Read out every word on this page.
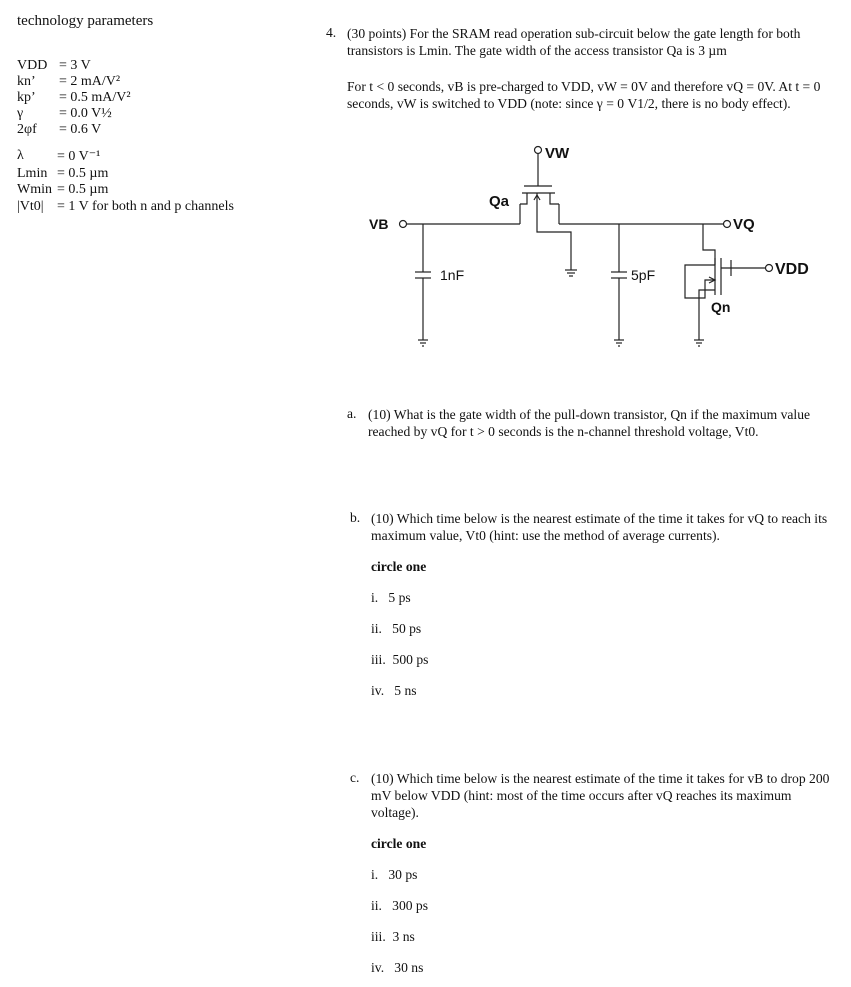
technology parameters
VDD = 3 V
kn’ = 2 mA/V²
kp’ = 0.5 mA/V²
γ	= 0.0 V½
2φf = 0.6 V
λ = 0 V⁻¹
Lmin = 0.5 µm
Wmin = 0.5 µm
|Vt0| = 1 V for both n and p channels
4. (30 points) For the SRAM read operation sub-circuit below the gate length for both transistors is Lmin. The gate width of the access transistor Qa is 3 µm
For t < 0 seconds, vB is pre-charged to VDD, vW = 0V and therefore vQ = 0V. At t = 0 seconds, vW is switched to VDD (note: since γ = 0 V1/2, there is no body effect).
VW
VB	VQ
VDD
Qa
Qn
1nF	5pF
a. (10) What is the gate width of the pull-down transistor, Qn if the maximum value reached by vQ for t > 0 seconds is the n-channel threshold voltage, Vt0.
b. (10) Which time below is the nearest estimate of the time it takes for vQ to reach its maximum value, Vt0 (hint: use the method of average currents).
circle one
i.   5 ps
ii.   50 ps
iii.  500 ps
iv.   5 ns
c. (10) Which time below is the nearest estimate of the time it takes for vB to drop 200 mV below VDD (hint: most of the time occurs after vQ reaches its maximum voltage).
circle one
i.   30 ps
ii.   300 ps
iii.  3 ns
iv.   30 ns
